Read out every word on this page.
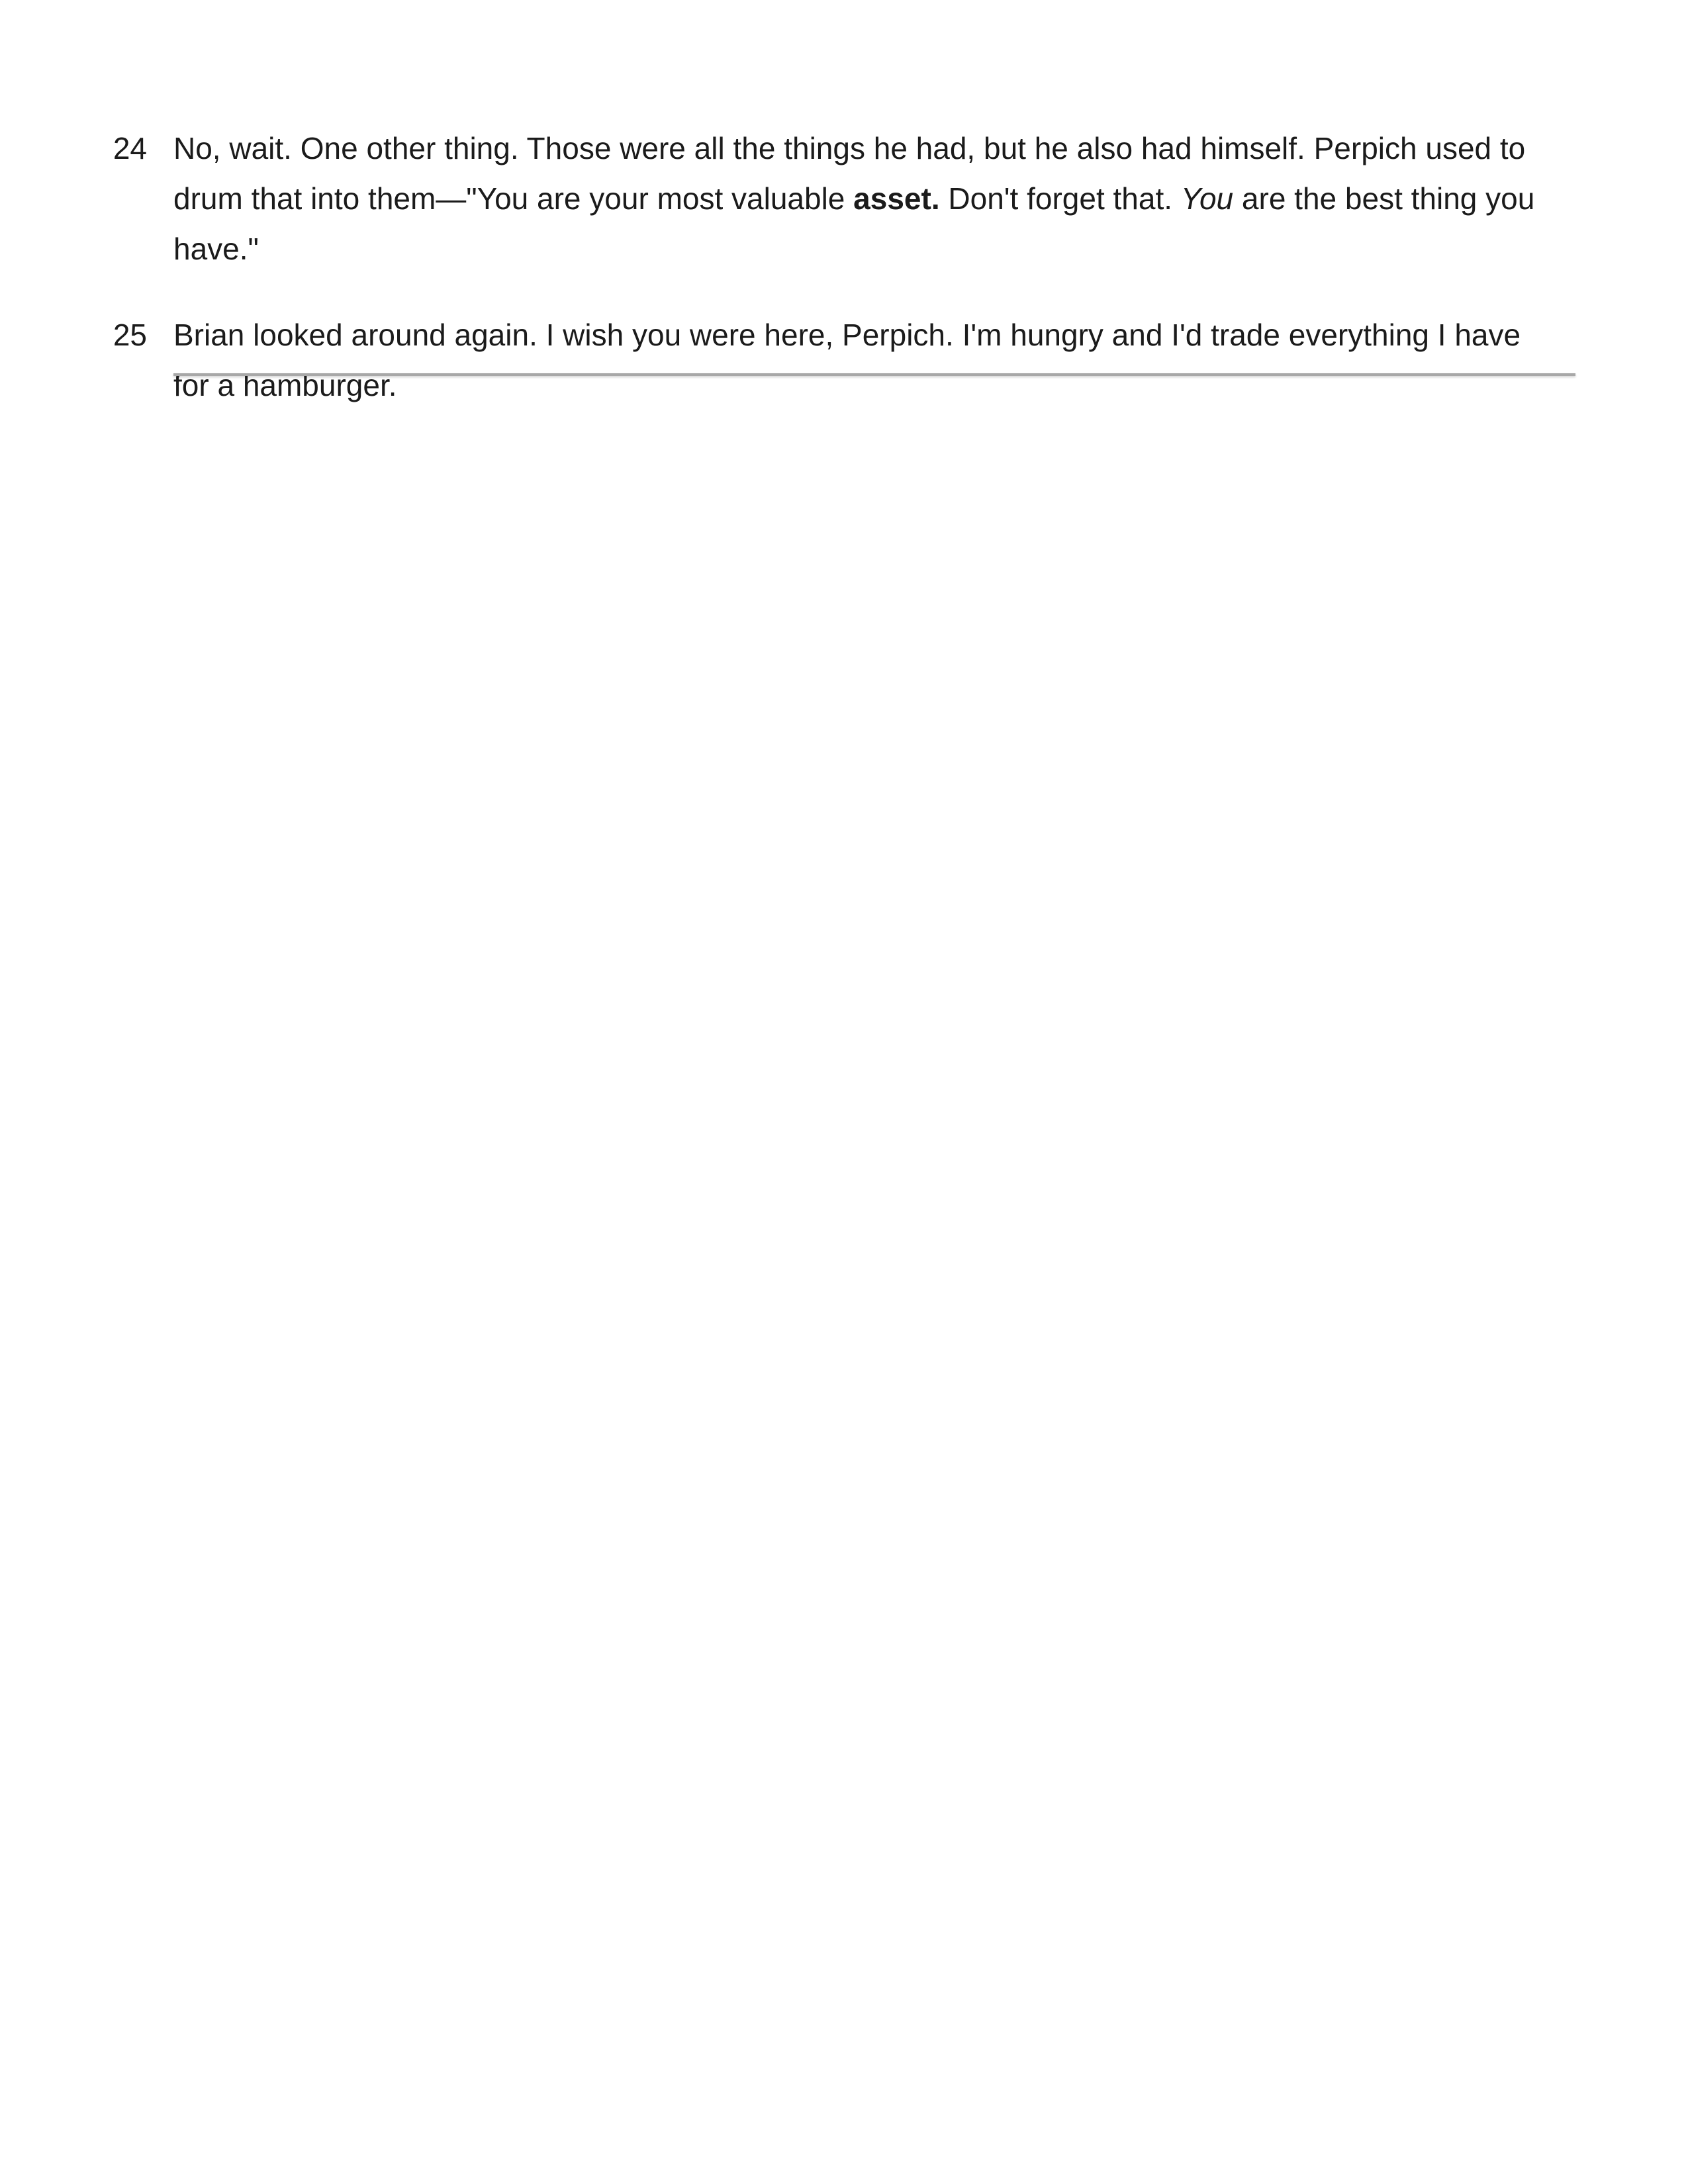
24 No, wait. One other thing. Those were all the things he had, but he also had himself. Perpich used to drum that into them—"You are your most valuable asset. Don't forget that. You are the best thing you have."

25 Brian looked around again. I wish you were here, Perpich. I'm hungry and I'd trade everything I have for a hamburger.
